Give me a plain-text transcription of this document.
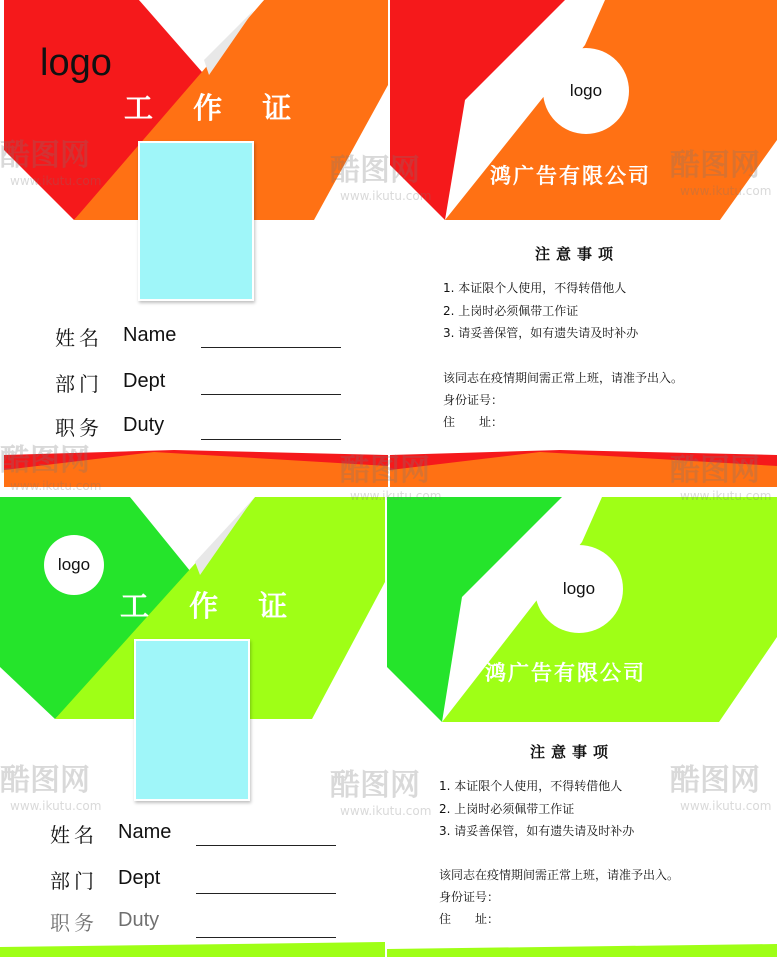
logo
工 作 证
姓名 Name
部门 Dept
职务 Duty
logo
鸿广告有限公司
注意事项
1. 本证限个人使用，不得转借他人
2. 上岗时必须佩带工作证
3. 请妥善保管，如有遗失请及时补办
该同志在疫情期间需正常上班，请准予出入。
身份证号：
住　　址：
logo
工 作 证
姓名 Name
部门 Dept
职务 Duty
logo
鸿广告有限公司
注意事项
1. 本证限个人使用，不得转借他人
2. 上岗时必须佩带工作证
3. 请妥善保管，如有遗失请及时补办
该同志在疫情期间需正常上班，请准予出入。
身份证号：
住　　址：
酷图网
www.ikutu.com	酷图网
www.ikutu.com
酷图网
www.ikutu.com
酷图网
www.ikutu.com	酷图网
www.ikutu.com
酷图网
www.ikutu.com
酷图网
www.ikutu.com
酷图网
www.ikutu.com
酷图网
www.ikutu.com
